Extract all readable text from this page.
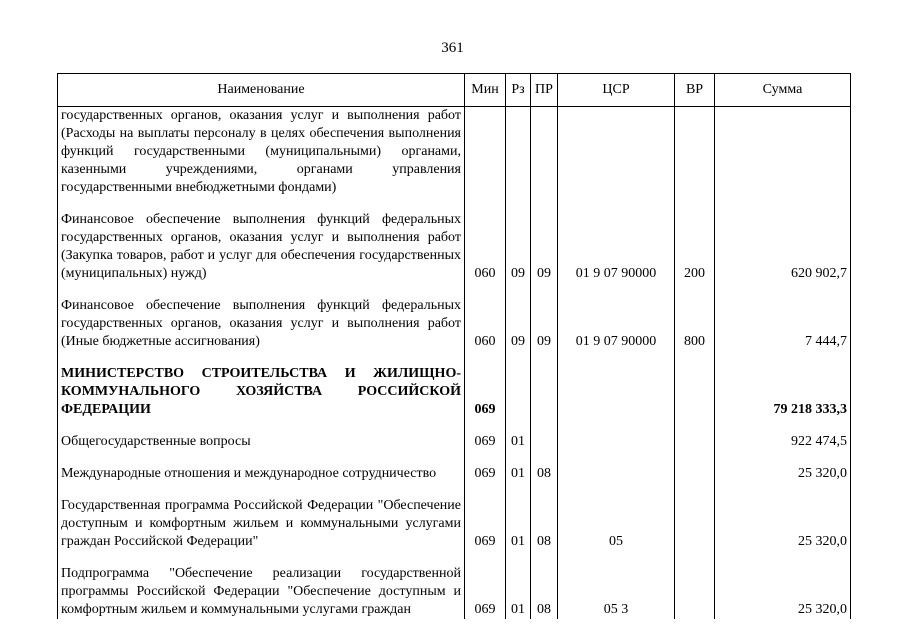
361
Наименование	Мин	Рз	ПР	ЦСР	ВР	Сумма
государственных органов, оказания услуг и выполнения работ (Расходы на выплаты персоналу в целях обеспечения выполнения функций государственными (муниципальными) органами, казенными учреждениями, органами управления государственными внебюджетными фондами)						

Финансовое обеспечение выполнения функций федеральных государственных органов, оказания услуг и выполнения работ (Закупка товаров, работ и услуг для обеспечения государственных (муниципальных) нужд)	060	09	09	01 9 07 90000	200	620 902,7

Финансовое обеспечение выполнения функций федеральных государственных органов, оказания услуг и выполнения работ (Иные бюджетные ассигнования)	060	09	09	01 9 07 90000	800	7 444,7

МИНИСТЕРСТВО СТРОИТЕЛЬСТВА И ЖИЛИЩНО-КОММУНАЛЬНОГО ХОЗЯЙСТВА РОССИЙСКОЙ ФЕДЕРАЦИИ	069					79 218 333,3

Общегосударственные вопросы	069	01				922 474,5

Международные отношения и международное сотрудничество	069	01	08			25 320,0

Государственная программа Российской Федерации "Обеспечение доступным и комфортным жильем и коммунальными услугами граждан Российской Федерации"	069	01	08	05		25 320,0

Подпрограмма "Обеспечение реализации государственной программы Российской Федерации "Обеспечение доступным и комфортным жильем и коммунальными услугами граждан	069	01	08	05 3		25 320,0
